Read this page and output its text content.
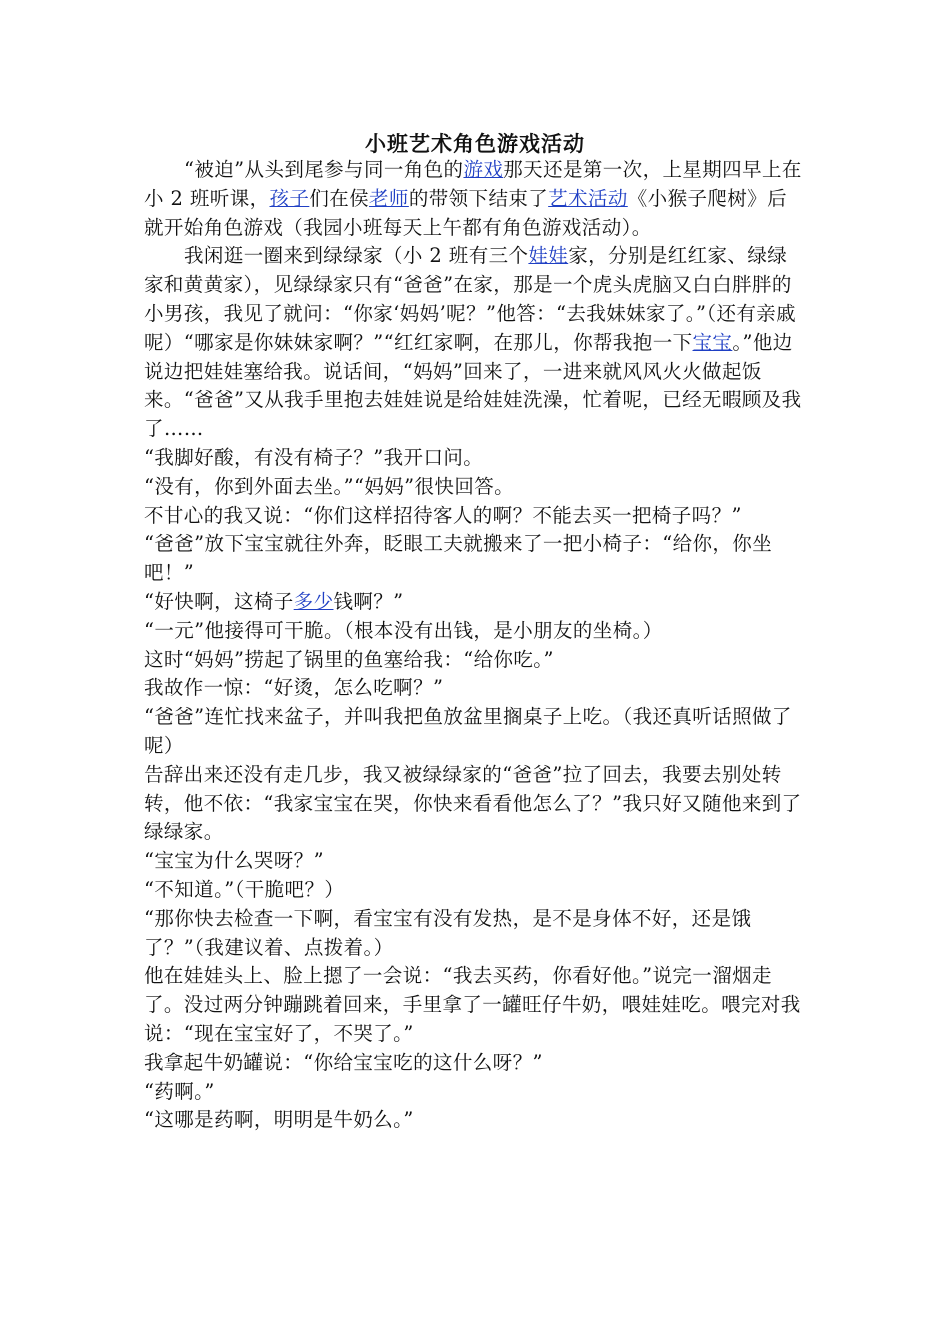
小班艺术角色游戏活动

“被迫”从头到尾参与同一角色的游戏那天还是第一次，上星期四早上在小 2 班听课，孩子们在侯老师的带领下结束了艺术活动《小猴子爬树》后就开始角色游戏（我园小班每天上午都有角色游戏活动）。

我闲逛一圈来到绿绿家（小 2 班有三个娃娃家，分别是红红家、绿绿家和黄黄家），见绿绿家只有“爸爸”在家，那是一个虎头虎脑又白白胖胖的小男孩，我见了就问：“你家‘妈妈’呢？”他答：“去我妹妹家了。”（还有亲戚呢）“哪家是你妹妹家啊？”“红红家啊，在那儿，你帮我抱一下宝宝。”他边说边把娃娃塞给我。说话间，“妈妈”回来了，一进来就风风火火做起饭来。“爸爸”又从我手里抱去娃娃说是给娃娃洗澡，忙着呢，已经无暇顾及我了……

“我脚好酸，有没有椅子？”我开口问。

“没有，你到外面去坐。”“妈妈”很快回答。

不甘心的我又说：“你们这样招待客人的啊？不能去买一把椅子吗？”

“爸爸”放下宝宝就往外奔，眨眼工夫就搬来了一把小椅子：“给你，你坐吧！”

“好快啊，这椅子多少钱啊？”

“一元”他接得可干脆。（根本没有出钱，是小朋友的坐椅。）

这时“妈妈”捞起了锅里的鱼塞给我：“给你吃。”

我故作一惊：“好烫，怎么吃啊？”

“爸爸”连忙找来盆子，并叫我把鱼放盆里搁桌子上吃。（我还真听话照做了呢）

告辞出来还没有走几步，我又被绿绿家的“爸爸”拉了回去，我要去别处转转，他不依：“我家宝宝在哭，你快来看看他怎么了？”我只好又随他来到了绿绿家。

“宝宝为什么哭呀？”

“不知道。”（干脆吧？）

“那你快去检查一下啊，看宝宝有没有发热，是不是身体不好，还是饿了？”（我建议着、点拨着。）

他在娃娃头上、脸上摁了一会说：“我去买药，你看好他。”说完一溜烟走了。没过两分钟蹦跳着回来，手里拿了一罐旺仔牛奶，喂娃娃吃。喂完对我说：“现在宝宝好了，不哭了。”

我拿起牛奶罐说：“你给宝宝吃的这什么呀？”

“药啊。”

“这哪是药啊，明明是牛奶么。”
